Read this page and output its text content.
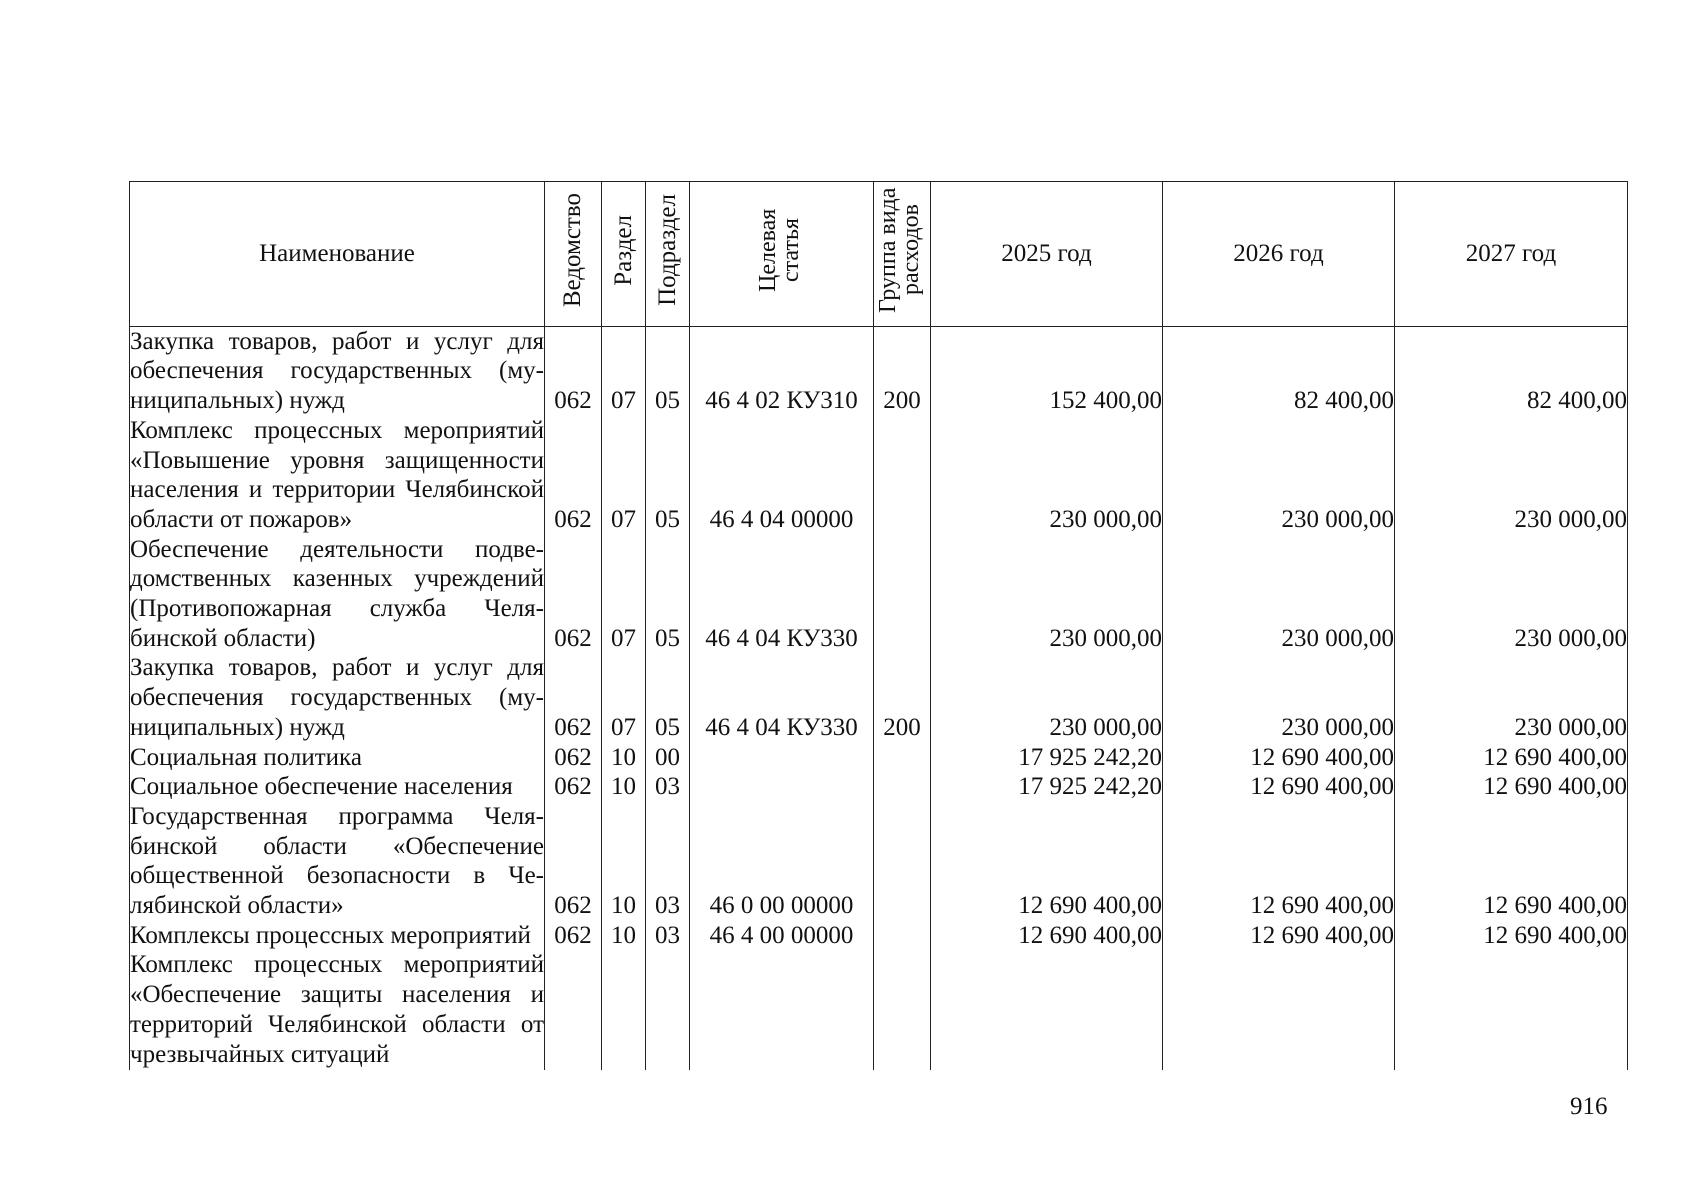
Наименование	Ведомство	Раздел	Подраздел	Целевая статья	Группа вида расходов	2025 год	2026 год	2027 год
Закупка товаров, работ и услуг для обеспечения государственных (муниципальных) нужд	062	07	05	46 4 02 КУ310	200	152 400,00	82 400,00	82 400,00
Комплекс процессных мероприятий «Повышение уровня защищенности населения и территории Челябинской области от пожаров»	062	07	05	46 4 04 00000		230 000,00	230 000,00	230 000,00
Обеспечение деятельности подведомственных казенных учреждений (Противопожарная служба Челябинской области)	062	07	05	46 4 04 КУ330		230 000,00	230 000,00	230 000,00
Закупка товаров, работ и услуг для обеспечения государственных (муниципальных) нужд	062	07	05	46 4 04 КУ330	200	230 000,00	230 000,00	230 000,00
Социальная политика	062	10	00			17 925 242,20	12 690 400,00	12 690 400,00
Социальное обеспечение населения	062	10	03			17 925 242,20	12 690 400,00	12 690 400,00
Государственная программа Челябинской области «Обеспечение общественной безопасности в Челябинской области»	062	10	03	46 0 00 00000		12 690 400,00	12 690 400,00	12 690 400,00
Комплексы процессных мероприятий	062	10	03	46 4 00 00000		12 690 400,00	12 690 400,00	12 690 400,00
Комплекс процессных мероприятий «Обеспечение защиты населения и территорий Челябинской области от чрезвычайных ситуаций								
916
